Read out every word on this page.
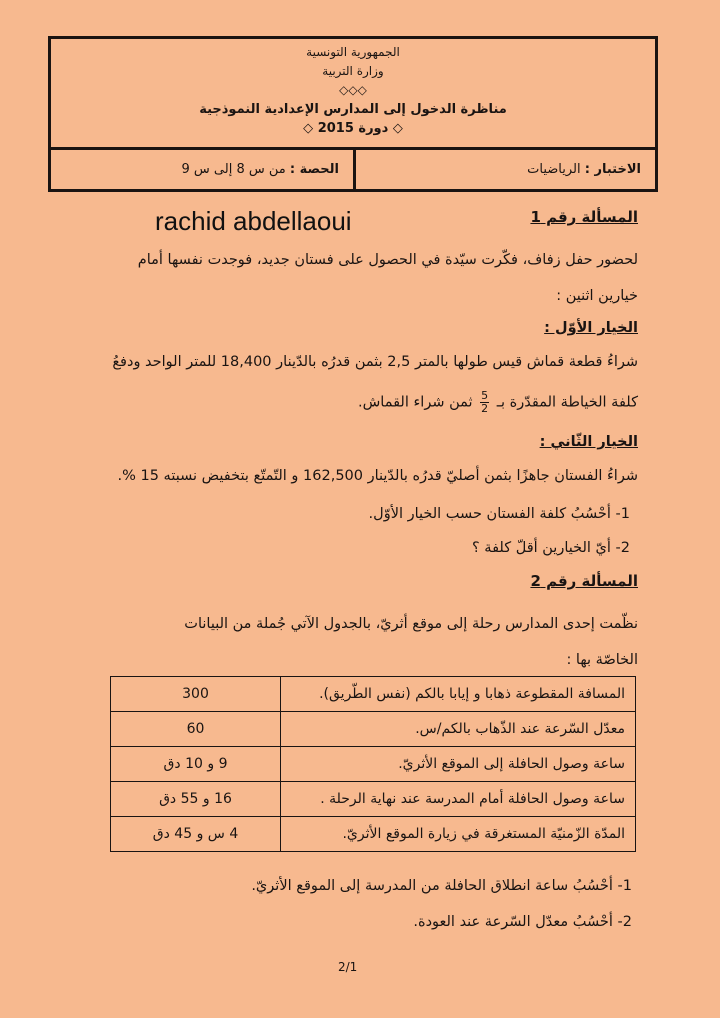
الجمهورية التونسية
وزارة التربية
◇◇◇
مناظرة الدخول إلى المدارس الإعدادية النموذجية
◇ دورة 2015 ◇
الاختبار :

الرياضيات
الحصة :

من س 8 إلى س 9
rachid abdellaoui	المسألة رقم 1
لحضور حفل زفاف، فكّرت سيّدة في الحصول على فستان جديد، فوجدت نفسها أمام
خيارين اثنين :
الخيار الأوّل :
شراءُ قطعة قماش قيس طولها بالمتر 2,5 بثمن قدرُه بالدّينار 18,400 للمتر الواحد ودفعُ
كلفة الخياطة المقدّرة بـ
$\frac{5}{2}$
ثمن شراء القماش.
الخيار الثّاني :
شراءُ الفستان جاهزًا بثمن أصليّ قدرُه بالدّينار 162,500 و التّمتّع بتخفيض نسبته 15 %.
1- أحْسُبُ كلفة الفستان حسب الخيار الأوّل.
2- أيّ الخيارين أقلّ كلفة ؟
المسألة رقم 2
نظّمت إحدى المدارس رحلة إلى موقع أثريّ، بالجدول الآتي جُملة من البيانات
الخاصّة بها :
المسافة المقطوعة ذهابا و إيابا بالكم (نفس الطّريق).	300
معدّل السّرعة عند الذّهاب بالكم/س.	60
ساعة وصول الحافلة إلى الموقع الأثريّ.	9 و 10 دق
ساعة وصول الحافلة أمام المدرسة عند نهاية الرحلة .	16 و 55 دق
المدّة الزّمنيّة المستغرقة في زيارة الموقع الأثريّ.	4 س و 45 دق
1- أحْسُبُ ساعة انطلاق الحافلة من المدرسة إلى الموقع الأثريّ.
2- أحْسُبُ معدّل السّرعة عند العودة.
2/1
